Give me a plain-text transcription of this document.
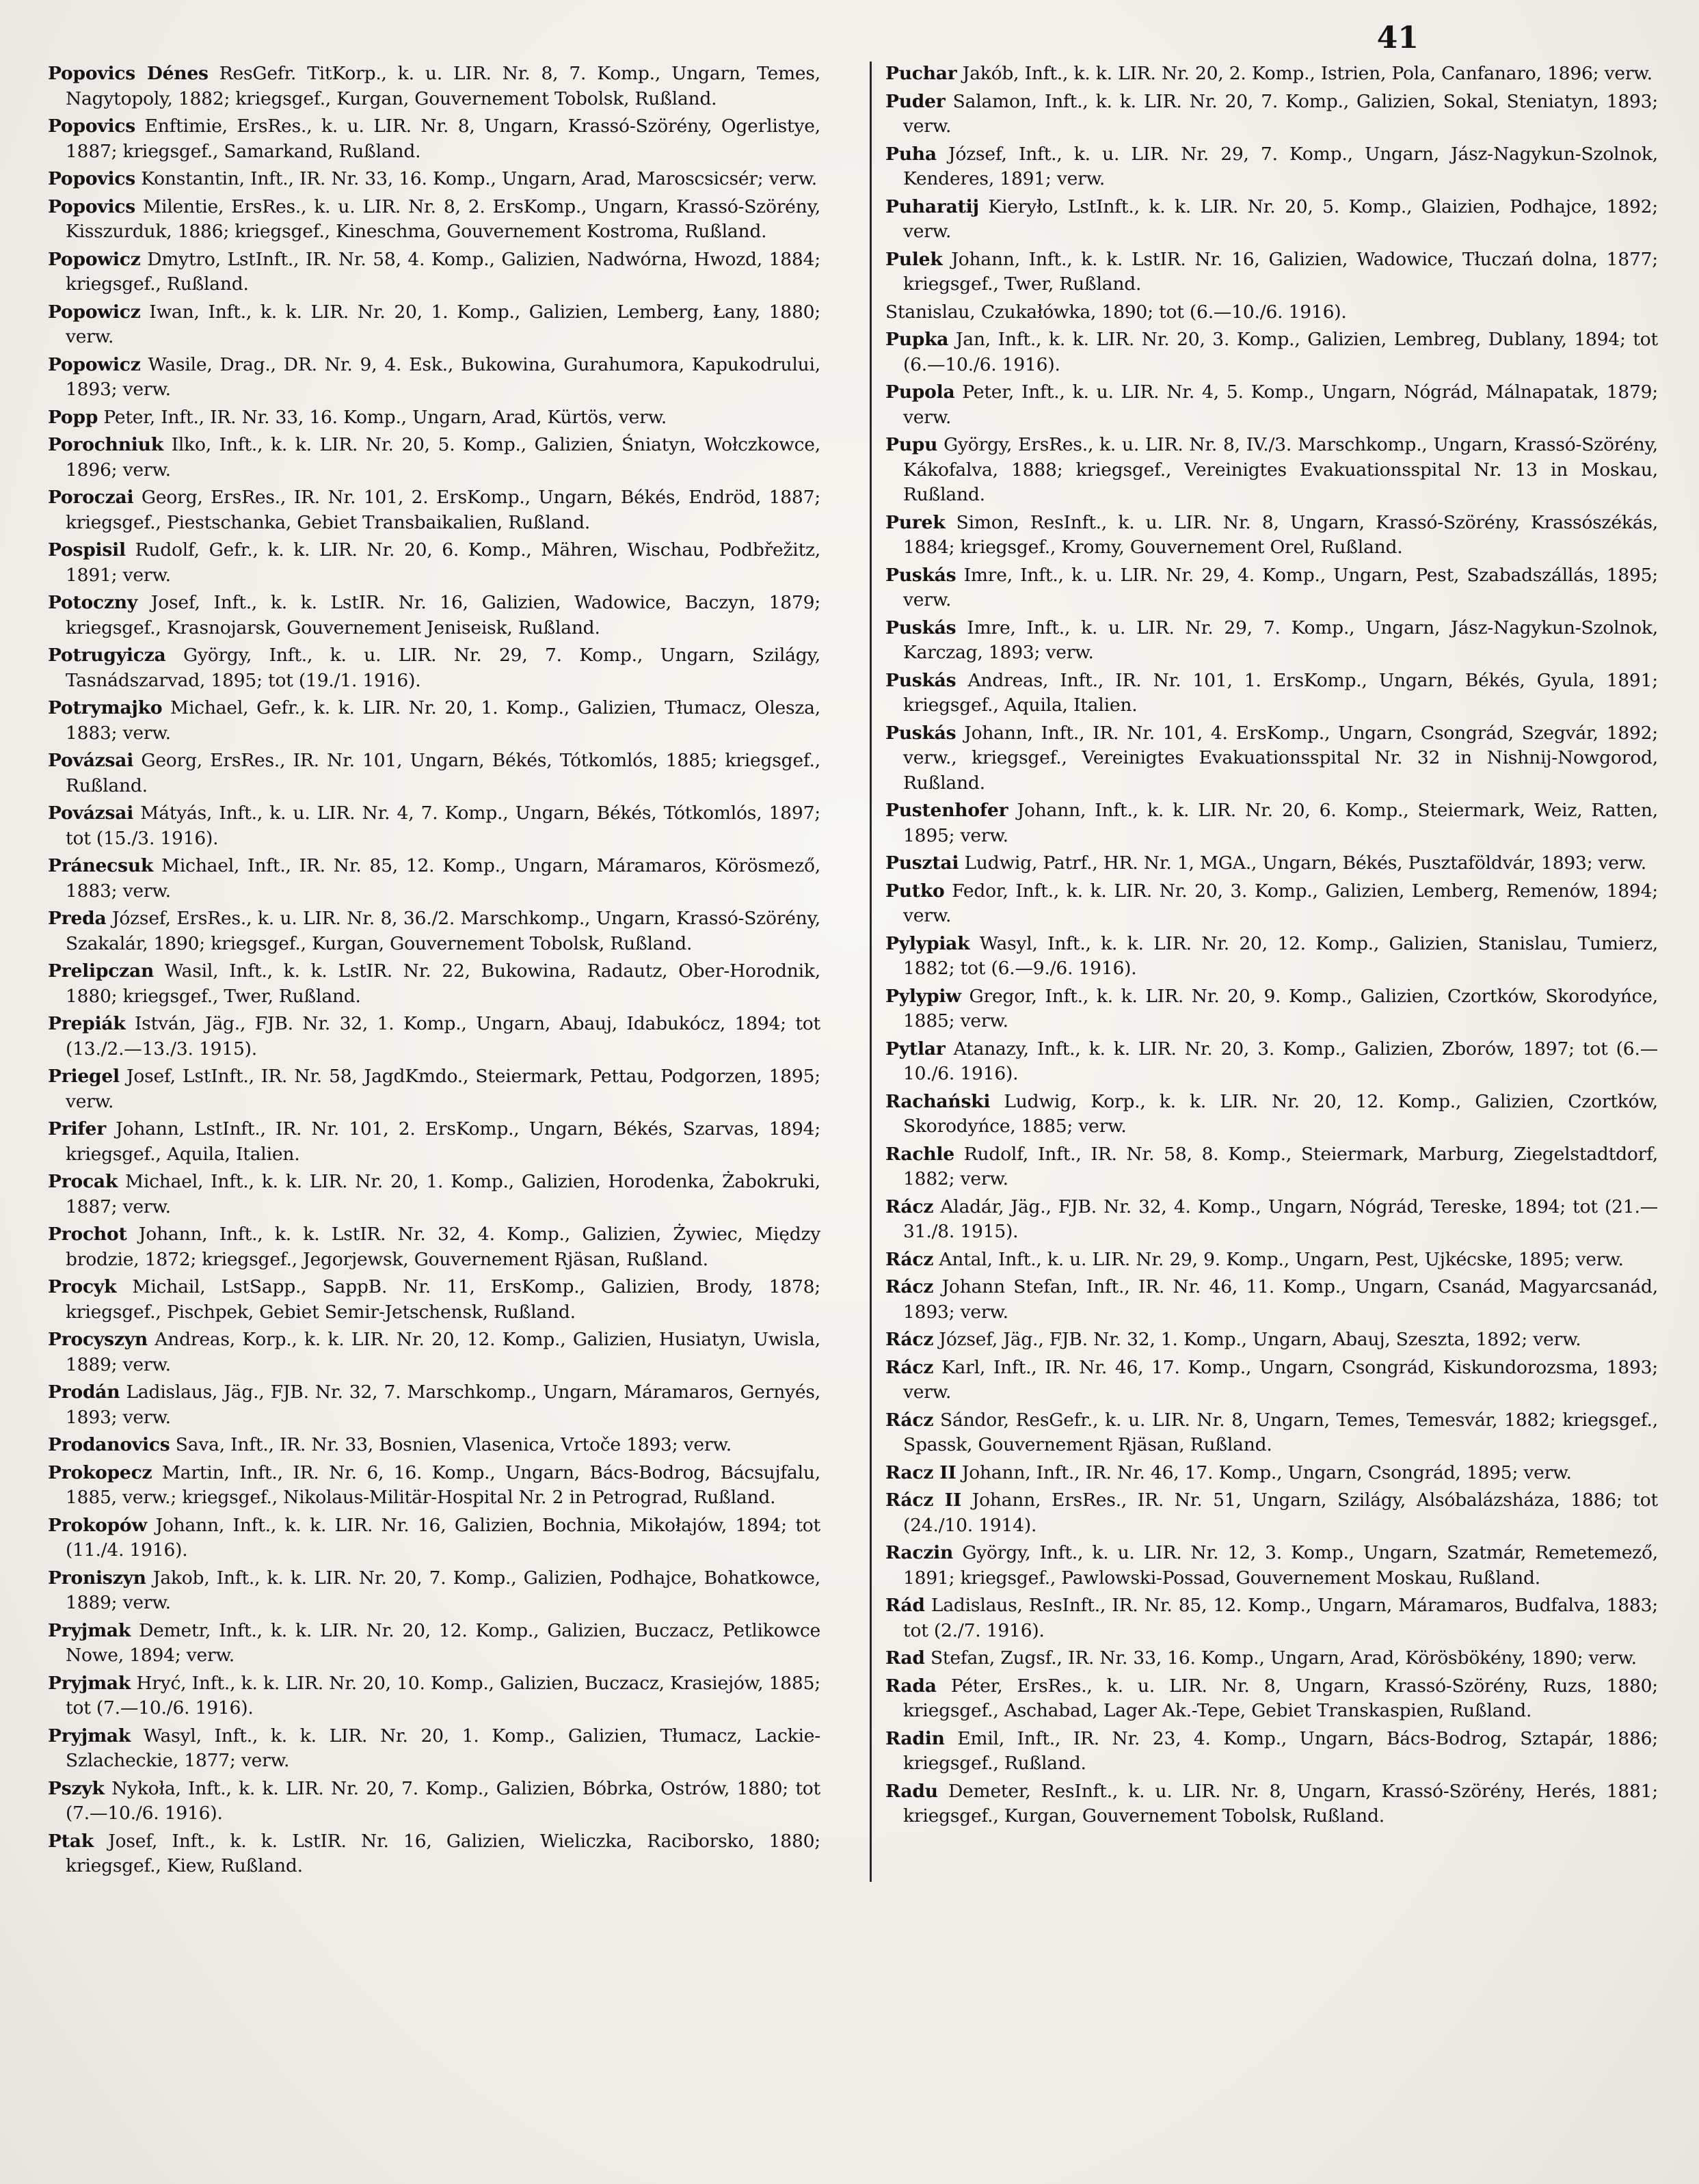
41

Popovics Dénes ResGefr. TitKorp., k. u. LIR. Nr. 8, 7. Komp., Ungarn, Temes, Nagytopoly, 1882; kriegsgef., Kurgan, Gouvernement Tobolsk, Rußland.

Popovics Enftimie, ErsRes., k. u. LIR. Nr. 8, Ungarn, Krassó-Szörény, Ogerlistye, 1887; kriegsgef., Samarkand, Rußland.

Popovics Konstantin, Inft., IR. Nr. 33, 16. Komp., Ungarn, Arad, Maroscsicsér; verw.

Popovics Milentie, ErsRes., k. u. LIR. Nr. 8, 2. ErsKomp., Ungarn, Krassó-Szörény, Kisszurduk, 1886; kriegsgef., Kineschma, Gouvernement Kostroma, Rußland.

Popowicz Dmytro, LstInft., IR. Nr. 58, 4. Komp., Galizien, Nadwórna, Hwozd, 1884; kriegsgef., Rußland.

Popowicz Iwan, Inft., k. k. LIR. Nr. 20, 1. Komp., Galizien, Lemberg, Łany, 1880; verw.

Popowicz Wasile, Drag., DR. Nr. 9, 4. Esk., Bukowina, Gurahumora, Kapukodrului, 1893; verw.

Popp Peter, Inft., IR. Nr. 33, 16. Komp., Ungarn, Arad, Kürtös, verw.

Porochniuk Ilko, Inft., k. k. LIR. Nr. 20, 5. Komp., Galizien, Śniatyn, Wołczkowce, 1896; verw.

Poroczai Georg, ErsRes., IR. Nr. 101, 2. ErsKomp., Ungarn, Békés, Endröd, 1887; kriegsgef., Piestschanka, Gebiet Transbaikalien, Rußland.

Pospisil Rudolf, Gefr., k. k. LIR. Nr. 20, 6. Komp., Mähren, Wischau, Podbřežitz, 1891; verw.

Potoczny Josef, Inft., k. k. LstIR. Nr. 16, Galizien, Wadowice, Baczyn, 1879; kriegsgef., Krasnojarsk, Gouvernement Jeniseisk, Rußland.

Potrugyicza György, Inft., k. u. LIR. Nr. 29, 7. Komp., Ungarn, Szilágy, Tasnádszarvad, 1895; tot (19./1. 1916).

Potrymajko Michael, Gefr., k. k. LIR. Nr. 20, 1. Komp., Galizien, Tłumacz, Olesza, 1883; verw.

Povázsai Georg, ErsRes., IR. Nr. 101, Ungarn, Békés, Tótkomlós, 1885; kriegsgef., Rußland.

Povázsai Mátyás, Inft., k. u. LIR. Nr. 4, 7. Komp., Ungarn, Békés, Tótkomlós, 1897; tot (15./3. 1916).

Pránecsuk Michael, Inft., IR. Nr. 85, 12. Komp., Ungarn, Máramaros, Körösmező, 1883; verw.

Preda József, ErsRes., k. u. LIR. Nr. 8, 36./2. Marschkomp., Ungarn, Krassó-Szörény, Szakalár, 1890; kriegsgef., Kurgan, Gouvernement Tobolsk, Rußland.

Prelipczan Wasil, Inft., k. k. LstIR. Nr. 22, Bukowina, Radautz, Ober-Horodnik, 1880; kriegsgef., Twer, Rußland.

Prepiák István, Jäg., FJB. Nr. 32, 1. Komp., Ungarn, Abauj, Idabukócz, 1894; tot (13./2.—13./3. 1915).

Priegel Josef, LstInft., IR. Nr. 58, JagdKmdo., Steiermark, Pettau, Podgorzen, 1895; verw.

Prifer Johann, LstInft., IR. Nr. 101, 2. ErsKomp., Ungarn, Békés, Szarvas, 1894; kriegsgef., Aquila, Italien.

Procak Michael, Inft., k. k. LIR. Nr. 20, 1. Komp., Galizien, Horodenka, Żabokruki, 1887; verw.

Prochot Johann, Inft., k. k. LstIR. Nr. 32, 4. Komp., Galizien, Żywiec, Między brodzie, 1872; kriegsgef., Jegorjewsk, Gouvernement Rjäsan, Rußland.

Procyk Michail, LstSapp., SappB. Nr. 11, ErsKomp., Galizien, Brody, 1878; kriegsgef., Pischpek, Gebiet Semir-Jetschensk, Rußland.

Procyszyn Andreas, Korp., k. k. LIR. Nr. 20, 12. Komp., Galizien, Husiatyn, Uwisla, 1889; verw.

Prodán Ladislaus, Jäg., FJB. Nr. 32, 7. Marschkomp., Ungarn, Máramaros, Gernyés, 1893; verw.

Prodanovics Sava, Inft., IR. Nr. 33, Bosnien, Vlasenica, Vrtoče 1893; verw.

Prokopecz Martin, Inft., IR. Nr. 6, 16. Komp., Ungarn, Bács-Bodrog, Bácsujfalu, 1885, verw.; kriegsgef., Nikolaus-Militär-Hospital Nr. 2 in Petrograd, Rußland.

Prokopów Johann, Inft., k. k. LIR. Nr. 16, Galizien, Bochnia, Mikołajów, 1894; tot (11./4. 1916).

Proniszyn Jakob, Inft., k. k. LIR. Nr. 20, 7. Komp., Galizien, Podhajce, Bohatkowce, 1889; verw.

Pryjmak Demetr, Inft., k. k. LIR. Nr. 20, 12. Komp., Galizien, Buczacz, Petlikowce Nowe, 1894; verw.

Pryjmak Hryć, Inft., k. k. LIR. Nr. 20, 10. Komp., Galizien, Buczacz, Krasiejów, 1885; tot (7.—10./6. 1916).

Pryjmak Wasyl, Inft., k. k. LIR. Nr. 20, 1. Komp., Galizien, Tłumacz, Lackie-Szlacheckie, 1877; verw.

Pszyk Nykoła, Inft., k. k. LIR. Nr. 20, 7. Komp., Galizien, Bóbrka, Ostrów, 1880; tot (7.—10./6. 1916).

Ptak Josef, Inft., k. k. LstIR. Nr. 16, Galizien, Wieliczka, Raciborsko, 1880; kriegsgef., Kiew, Rußland.

Puchar Jakób, Inft., k. k. LIR. Nr. 20, 2. Komp., Istrien, Pola, Canfanaro, 1896; verw.

Puder Salamon, Inft., k. k. LIR. Nr. 20, 7. Komp., Galizien, Sokal, Steniatyn, 1893; verw.

Puha József, Inft., k. u. LIR. Nr. 29, 7. Komp., Ungarn, Jász-Nagykun-Szolnok, Kenderes, 1891; verw.

Puharatij Kieryło, LstInft., k. k. LIR. Nr. 20, 5. Komp., Glaizien, Podhajce, 1892; verw.

Pulek Johann, Inft., k. k. LstIR. Nr. 16, Galizien, Wadowice, Tłuczań dolna, 1877; kriegsgef., Twer, Rußland.

Stanislau, Czukałówka, 1890; tot (6.—10./6. 1916).

Pupka Jan, Inft., k. k. LIR. Nr. 20, 3. Komp., Galizien, Lembreg, Dublany, 1894; tot (6.—10./6. 1916).

Pupola Peter, Inft., k. u. LIR. Nr. 4, 5. Komp., Ungarn, Nógrád, Málnapatak, 1879; verw.

Pupu György, ErsRes., k. u. LIR. Nr. 8, IV./3. Marschkomp., Ungarn, Krassó-Szörény, Kákofalva, 1888; kriegsgef., Vereinigtes Evakuationsspital Nr. 13 in Moskau, Rußland.

Purek Simon, ResInft., k. u. LIR. Nr. 8, Ungarn, Krassó-Szörény, Krassószékás, 1884; kriegsgef., Kromy, Gouvernement Orel, Rußland.

Puskás Imre, Inft., k. u. LIR. Nr. 29, 4. Komp., Ungarn, Pest, Szabadszállás, 1895; verw.

Puskás Imre, Inft., k. u. LIR. Nr. 29, 7. Komp., Ungarn, Jász-Nagykun-Szolnok, Karczag, 1893; verw.

Puskás Andreas, Inft., IR. Nr. 101, 1. ErsKomp., Ungarn, Békés, Gyula, 1891; kriegsgef., Aquila, Italien.

Puskás Johann, Inft., IR. Nr. 101, 4. ErsKomp., Ungarn, Csongrád, Szegvár, 1892; verw., kriegsgef., Vereinigtes Evakuationsspital Nr. 32 in Nishnij-Nowgorod, Rußland.

Pustenhofer Johann, Inft., k. k. LIR. Nr. 20, 6. Komp., Steiermark, Weiz, Ratten, 1895; verw.

Pusztai Ludwig, Patrf., HR. Nr. 1, MGA., Ungarn, Békés, Pusztaföldvár, 1893; verw.

Putko Fedor, Inft., k. k. LIR. Nr. 20, 3. Komp., Galizien, Lemberg, Remenów, 1894; verw.

Pylypiak Wasyl, Inft., k. k. LIR. Nr. 20, 12. Komp., Galizien, Stanislau, Tumierz, 1882; tot (6.—9./6. 1916).

Pylypiw Gregor, Inft., k. k. LIR. Nr. 20, 9. Komp., Galizien, Czortków, Skorodyńce, 1885; verw.

Pytlar Atanazy, Inft., k. k. LIR. Nr. 20, 3. Komp., Galizien, Zborów, 1897; tot (6.—10./6. 1916).

Rachański Ludwig, Korp., k. k. LIR. Nr. 20, 12. Komp., Galizien, Czortków, Skorodyńce, 1885; verw.

Rachle Rudolf, Inft., IR. Nr. 58, 8. Komp., Steiermark, Marburg, Ziegelstadtdorf, 1882; verw.

Rácz Aladár, Jäg., FJB. Nr. 32, 4. Komp., Ungarn, Nógrád, Tereske, 1894; tot (21.—31./8. 1915).

Rácz Antal, Inft., k. u. LIR. Nr. 29, 9. Komp., Ungarn, Pest, Ujkécske, 1895; verw.

Rácz Johann Stefan, Inft., IR. Nr. 46, 11. Komp., Ungarn, Csanád, Magyarcsanád, 1893; verw.

Rácz József, Jäg., FJB. Nr. 32, 1. Komp., Ungarn, Abauj, Szeszta, 1892; verw.

Rácz Karl, Inft., IR. Nr. 46, 17. Komp., Ungarn, Csongrád, Kiskundorozsma, 1893; verw.

Rácz Sándor, ResGefr., k. u. LIR. Nr. 8, Ungarn, Temes, Temesvár, 1882; kriegsgef., Spassk, Gouvernement Rjäsan, Rußland.

Racz II Johann, Inft., IR. Nr. 46, 17. Komp., Ungarn, Csongrád, 1895; verw.

Rácz II Johann, ErsRes., IR. Nr. 51, Ungarn, Szilágy, Alsóbalázsháza, 1886; tot (24./10. 1914).

Raczin György, Inft., k. u. LIR. Nr. 12, 3. Komp., Ungarn, Szatmár, Remetemező, 1891; kriegsgef., Pawlowski-Possad, Gouvernement Moskau, Rußland.

Rád Ladislaus, ResInft., IR. Nr. 85, 12. Komp., Ungarn, Máramaros, Budfalva, 1883; tot (2./7. 1916).

Rad Stefan, Zugsf., IR. Nr. 33, 16. Komp., Ungarn, Arad, Körösbökény, 1890; verw.

Rada Péter, ErsRes., k. u. LIR. Nr. 8, Ungarn, Krassó-Szörény, Ruzs, 1880; kriegsgef., Aschabad, Lager Ak.-Tepe, Gebiet Transkaspien, Rußland.

Radin Emil, Inft., IR. Nr. 23, 4. Komp., Ungarn, Bács-Bodrog, Sztapár, 1886; kriegsgef., Rußland.

Radu Demeter, ResInft., k. u. LIR. Nr. 8, Ungarn, Krassó-Szörény, Herés, 1881; kriegsgef., Kurgan, Gouvernement Tobolsk, Rußland.
